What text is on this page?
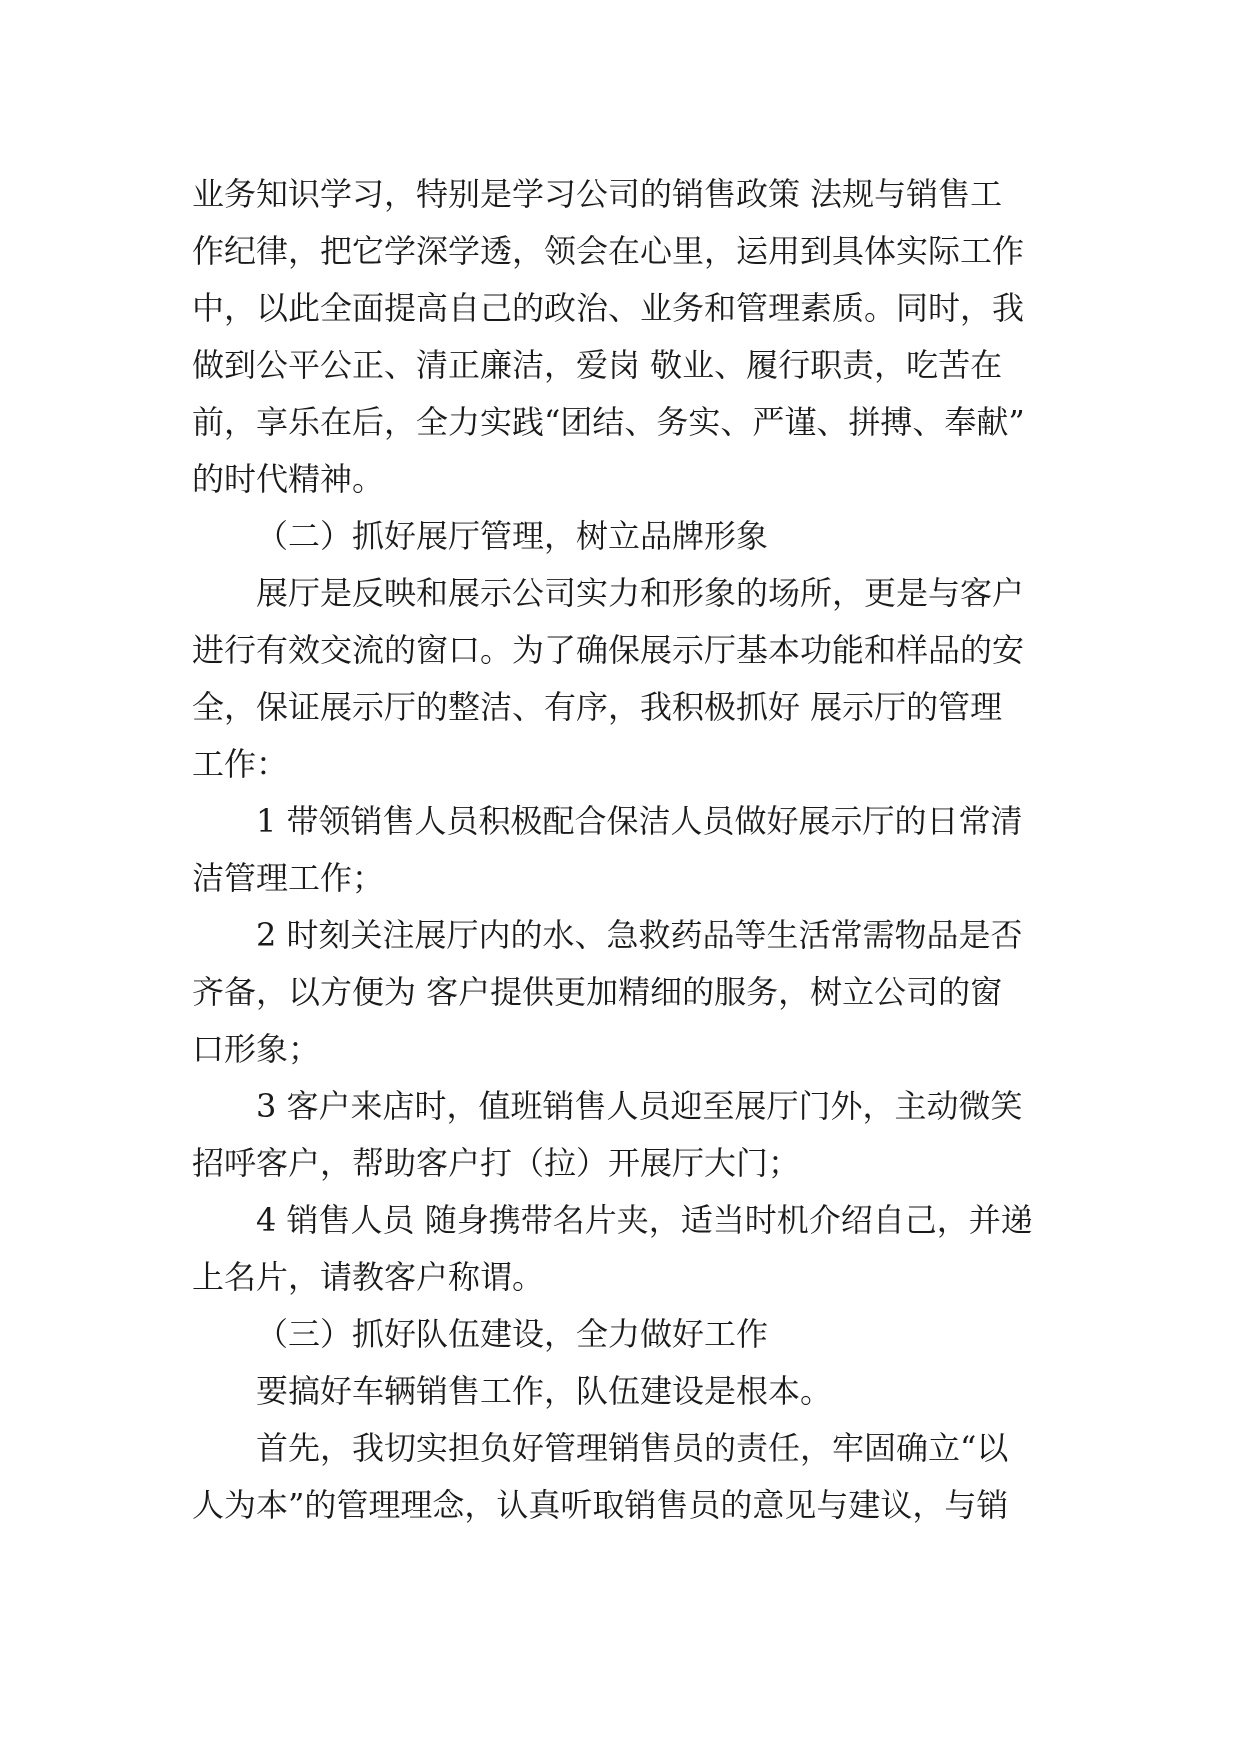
业务知识学习，特别是学习公司的销售政策 法规与销售工
作纪律，把它学深学透，领会在心里，运用到具体实际工作
中，以此全面提高自己的政治、业务和管理素质。同时，我
做到公平公正、清正廉洁，爱岗 敬业、履行职责，吃苦在
前，享乐在后，全力实践“团结、务实、严谨、拼搏、奉献”
的时代精神。

（二）抓好展厅管理，树立品牌形象

展厅是反映和展示公司实力和形象的场所，更是与客户
进行有效交流的窗口。为了确保展示厅基本功能和样品的安
全，保证展示厅的整洁、有序，我积极抓好 展示厅的管理
工作：

1 带领销售人员积极配合保洁人员做好展示厅的日常清
洁管理工作；

2 时刻关注展厅内的水、急救药品等生活常需物品是否
齐备，以方便为 客户提供更加精细的服务，树立公司的窗
口形象；

3 客户来店时，值班销售人员迎至展厅门外，主动微笑
招呼客户，帮助客户打（拉）开展厅大门；

4 销售人员 随身携带名片夹，适当时机介绍自己，并递
上名片，请教客户称谓。

（三）抓好队伍建设，全力做好工作

要搞好车辆销售工作，队伍建设是根本。

首先，我切实担负好管理销售员的责任，牢固确立“以
人为本”的管理理念，认真听取销售员的意见与建议，与销
